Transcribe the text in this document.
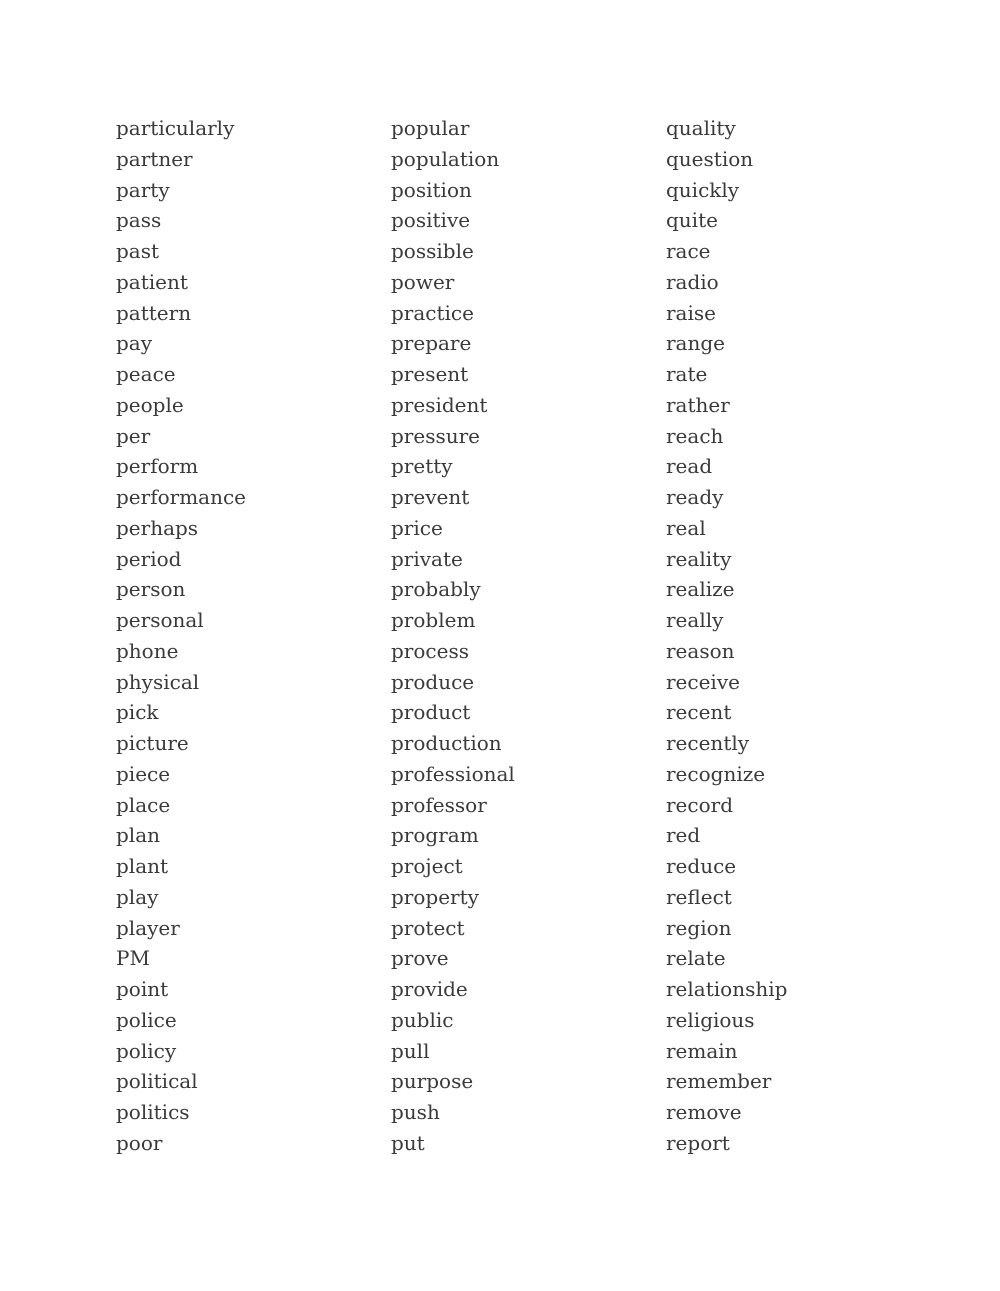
particularly
partner
party
pass
past
patient
pattern
pay
peace
people
per
perform
performance
perhaps
period
person
personal
phone
physical
pick
picture
piece
place
plan
plant
play
player
PM
point
police
policy
political
politics
poor
popular
population
position
positive
possible
power
practice
prepare
present
president
pressure
pretty
prevent
price
private
probably
problem
process
produce
product
production
professional
professor
program
project
property
protect
prove
provide
public
pull
purpose
push
put
quality
question
quickly
quite
race
radio
raise
range
rate
rather
reach
read
ready
real
reality
realize
really
reason
receive
recent
recently
recognize
record
red
reduce
reflect
region
relate
relationship
religious
remain
remember
remove
report
